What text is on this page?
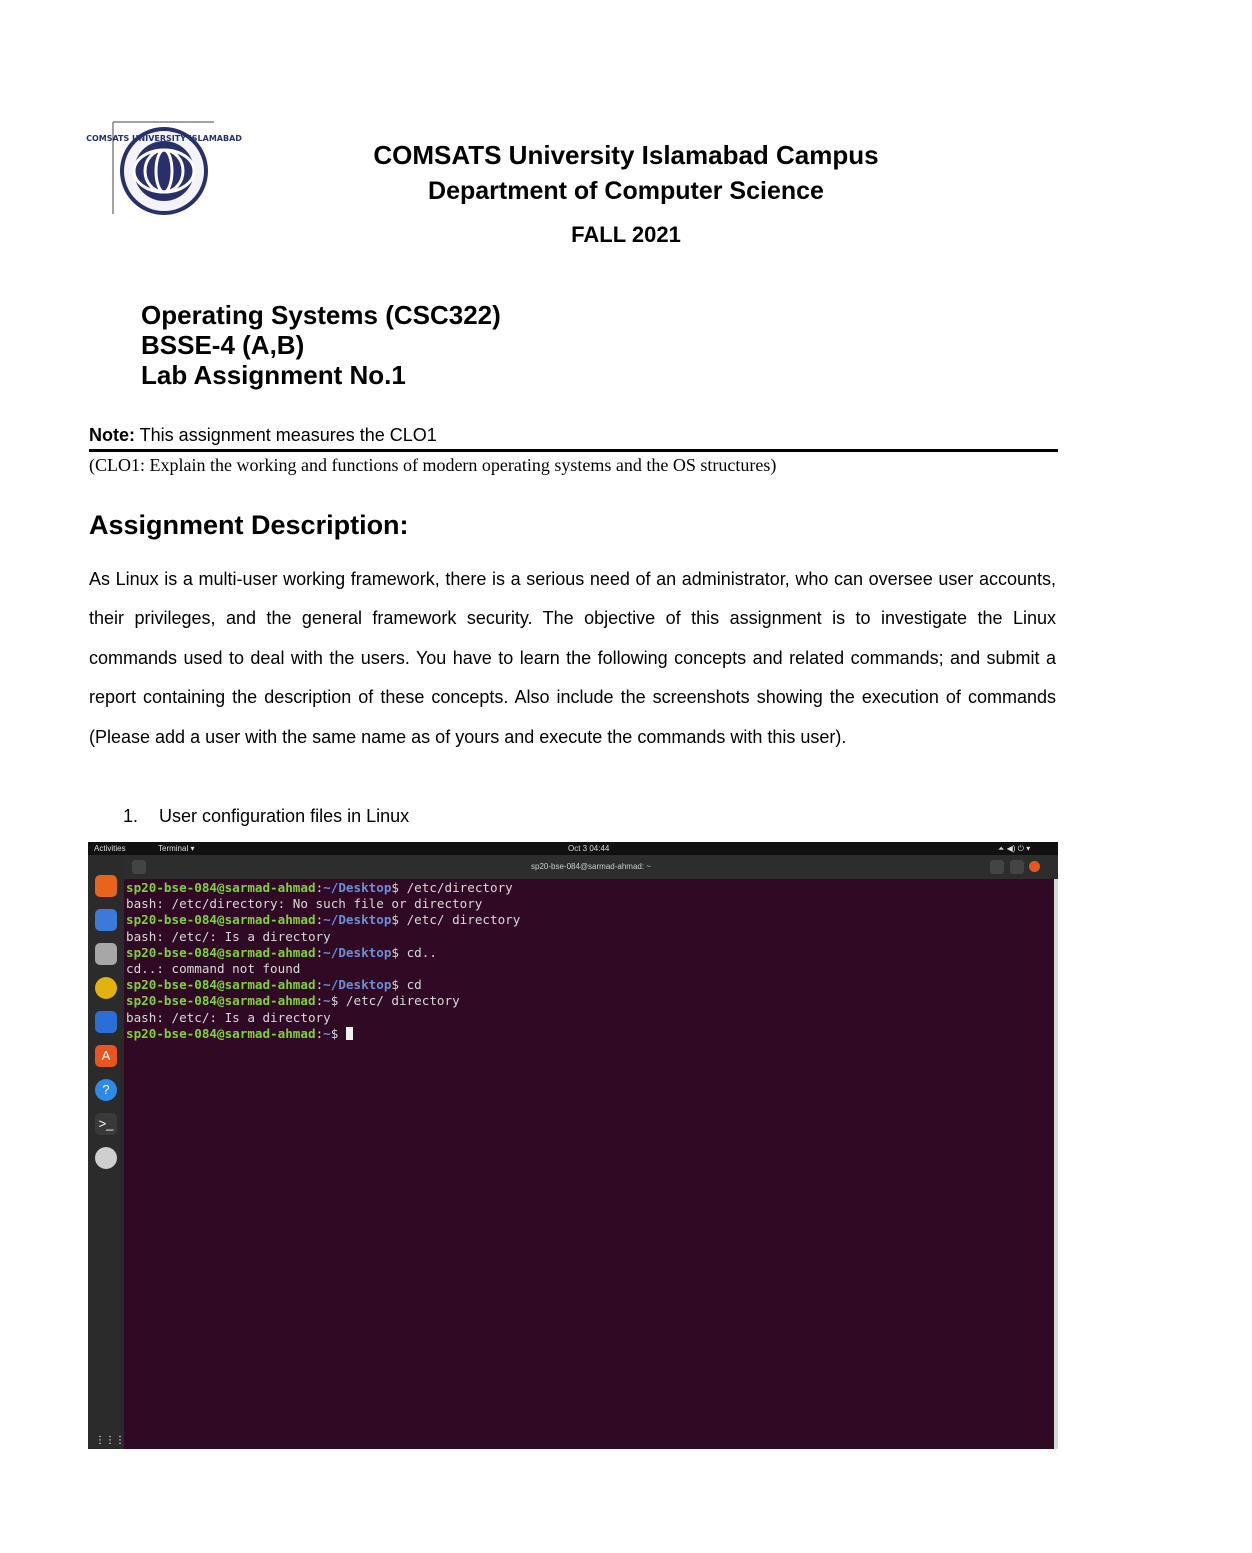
COMSATS UNIVERSITY ISLAMABAD
COMSATS University Islamabad Campus
Department of Computer Science
FALL 2021
Operating Systems (CSC322)
BSSE-4 (A,B)
Lab Assignment No.1
Note: This assignment measures the CLO1
(CLO1: Explain the working and functions of modern operating systems and the OS structures)
Assignment Description:
As Linux is a multi-user working framework, there is a serious need of an administrator, who can oversee user accounts, their privileges, and the general framework security. The objective of this assignment is to investigate the Linux commands used to deal with the users. You have to learn the following concepts and related commands; and submit a report containing the description of these concepts. Also include the screenshots showing the execution of commands (Please add a user with the same name as of yours and execute the commands with this user).
1. User configuration files in Linux
Activities	Terminal ▾	Oct 3 04:44	⏶ ◀) ⏻ ▾
A
?
>_
⋮⋮⋮
sp20-bse-084@sarmad-ahmad: ~
sp20-bse-084@sarmad-ahmad:~/Desktop$ /etc/directory
bash: /etc/directory: No such file or directory
sp20-bse-084@sarmad-ahmad:~/Desktop$ /etc/ directory
bash: /etc/: Is a directory
sp20-bse-084@sarmad-ahmad:~/Desktop$ cd..
cd..: command not found
sp20-bse-084@sarmad-ahmad:~/Desktop$ cd
sp20-bse-084@sarmad-ahmad:~$ /etc/ directory
bash: /etc/: Is a directory
sp20-bse-084@sarmad-ahmad:~$
